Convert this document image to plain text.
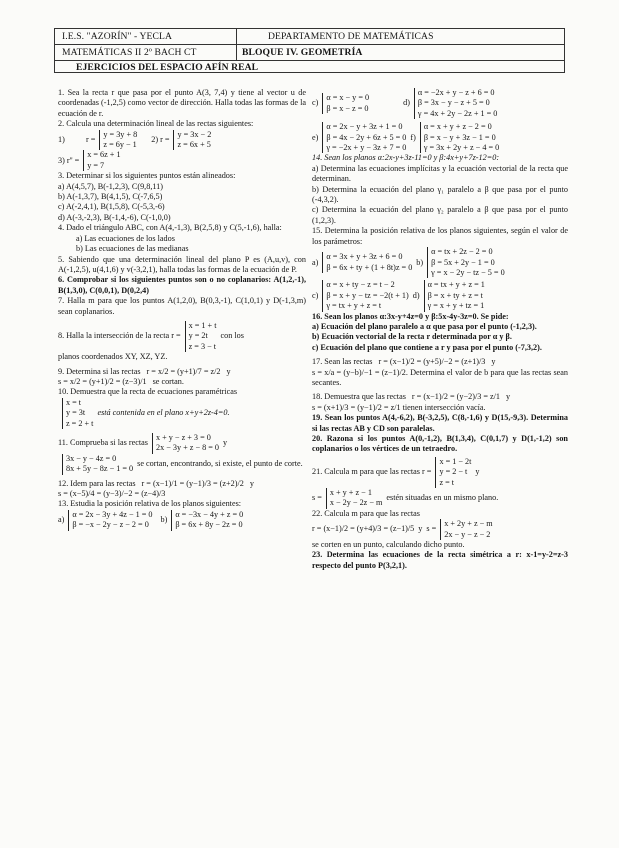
I.E.S. "AZORÍN" - YECLA	DEPARTAMENTO DE MATEMÁTICAS
MATEMÁTICAS II 2º BACH CT	BLOQUE IV. GEOMETRÍA
EJERCICIOS DEL ESPACIO AFÍN REAL

1. Sea la recta r que pasa por el punto A(3, 7,4) y tiene al vector u de coordenadas (-1,2,5) como vector de dirección. Halla todas las formas de la ecuación de r.

2. Calcula una determinación lineal de las rectas siguientes:

1)	r =
y = 3y + 8
z = 6y − 1
2) r =
y = 3x − 2
z = 6x + 5
3) r'' =
x = 6z + 1
y = 7

3. Determinar si los siguientes puntos están alineados:

a) A(4,5,7), B(-1,2,3), C(9,8,11)

b) A(-1,3,7), B(4,1,5), C(-7,6,5)

c) A(-2,4,1), B(1,5,8), C(-5,3,-6)

d) A(-3,-2,3), B(-1,4,-6), C(-1,0,0)

4. Dado el triángulo ABC, con A(4,-1,3), B(2,5,8) y C(5,-1,6), halla:

a) Las ecuaciones de los lados

b) Las ecuaciones de las medianas

5. Sabiendo que una determinación lineal del plano P es (A,u,v), con A(-1,2,5), u(4,1,6) y v(-3,2,1), halla todas las formas de la ecuación de P.

6. Comprobar si los siguientes puntos son o no coplanarios: A(1,2,-1), B(1,3,0), C(0,0,1), D(0,2,4)

7. Halla m para que los puntos A(1,2,0), B(0,3,-1), C(1,0,1) y D(-1,3,m) sean coplanarios.

8. Halla la intersección de la recta r =
x = 1 + t
y = 2t
z = 3 − t
con los

planos coordenados XY, XZ, YZ.

9. Determina si las rectas r = x/2 = (y+1)/7 = z/2 y
s = x/2 = (y+1)/2 = (z−3)/1 se cortan.

10. Demuestra que la recta de ecuaciones paramétricas

x = t
y = 3t
z = 2 + t
está contenida en el plano x+y+2z-4=0.
11. Comprueba si las rectas
x + y − z + 3 = 0
2x − 3y + z − 8 = 0
y
3x − y − 4z = 0
8x + 5y − 8z − 1 = 0
se cortan, encontrando, si existe, el punto de corte.
12. Idem para las rectas r = (x−1)/1 = (y−1)/3 = (z+2)/2 y

s = (x−5)/4 = (y−3)/−2 = (z−4)/3

13. Estudia la posición relativa de los planos siguientes:

a)
α = 2x − 3y + 4z − 1 = 0
β = −x − 2y − z − 2 = 0
b)
α = −3x − 4y + z = 0
β = 6x + 8y − 2z = 0
c)
α = x − y = 0
β = x − z = 0
d)
α = −2x + y − z + 6 = 0
β = 3x − y − z + 5 = 0
γ = 4x + 2y − 2z + 1 = 0
e)
α = 2x − y + 3z + 1 = 0
β = 4x − 2y + 6z + 5 = 0
γ = −2x + y − 3z + 7 = 0
f)
α = x + y + z − 2 = 0
β = x − y + 3z − 1 = 0
γ = 3x + 2y + z − 4 = 0

14. Sean los planos α:2x-y+3z-11=0 y β:4x+y+7z-12=0:

a) Determina las ecuaciones implícitas y la ecuación vectorial de la recta que determinan.

b) Determina la ecuación del plano γ₁ paralelo a β que pasa por el punto (-4,3,2).

c) Determina la ecuación del plano γ₂ paralelo a β que pasa por el punto (1,2,3).

15. Determina la posición relativa de los planos siguientes, según el valor de los parámetros:

a)
α = 3x + y + 3z + 6 = 0
β = 6x + ty + (1 + 8t)z = 0
b)
α = tx + 2z − 2 = 0
β = 5x + 2y − 1 = 0
γ = x − 2y − tz − 5 = 0
c)
α = x + ty − z = t − 2
β = x + y − tz = −2(t + 1)
γ = tx + y + z = t
d)
α = tx + y + z = 1
β = x + ty + z = t
γ = x + y + tz = 1

16. Sean los planos α:3x-y+4z=0 y β:5x-4y-3z=0. Se pide:

a) Ecuación del plano paralelo a α que pasa por el punto (-1,2,3).

b) Ecuación vectorial de la recta r determinada por α y β.

c) Ecuación del plano que contiene a r y pasa por el punto (-7,3,2).

17. Sean las rectas r = (x−1)/2 = (y+5)/−2 = (z+1)/3 y

s = x/a = (y−b)/−1 = (z−1)/2. Determina el valor de b para que las rectas sean secantes.

18. Demuestra que las rectas r = (x−1)/2 = (y−2)/3 = z/1 y

s = (x+1)/3 = (y−1)/2 = z/1 tienen intersección vacía.

19. Sean los puntos A(4,-6,2), B(-3,2,5), C(8,-1,6) y D(15,-9,3). Determina si las rectas AB y CD son paralelas.

20. Razona si los puntos A(0,-1,2), B(1,3,4), C(0,1,7) y D(1,-1,2) son coplanarios o los vértices de un tetraedro.

21. Calcula m para que las rectas r =
x = 1 − 2t
y = 2 − t
z = t
y
s =
x + y + z − 1
x − 2y − 2z − m
estén situadas en un mismo plano.

22. Calcula m para que las rectas

r = (x−1)/2 = (y+4)/3 = (z−1)/5 y s =
x + 2y + z − m
2x − y − z − 2

se corten en un punto, calculando dicho punto.

23. Determina las ecuaciones de la recta simétrica a r: x-1=y-2=z-3 respecto del punto P(3,2,1).
